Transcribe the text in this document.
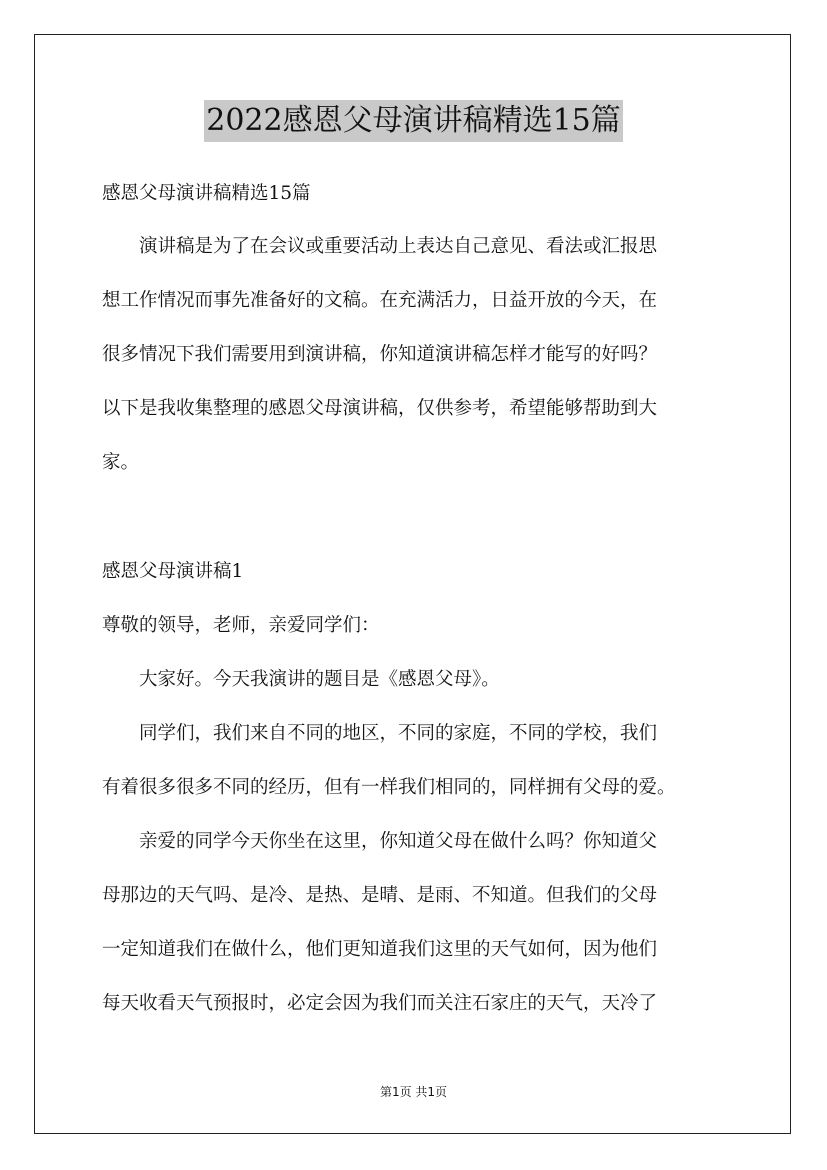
2022感恩父母演讲稿精选15篇
感恩父母演讲稿精选15篇
演讲稿是为了在会议或重要活动上表达自己意见、看法或汇报思
想工作情况而事先准备好的文稿。在充满活力，日益开放的今天，在
很多情况下我们需要用到演讲稿，你知道演讲稿怎样才能写的好吗？
以下是我收集整理的感恩父母演讲稿，仅供参考，希望能够帮助到大
家。
感恩父母演讲稿1
尊敬的领导，老师，亲爱同学们：
大家好。今天我演讲的题目是《感恩父母》。
同学们，我们来自不同的地区，不同的家庭，不同的学校，我们
有着很多很多不同的经历，但有一样我们相同的，同样拥有父母的爱。
亲爱的同学今天你坐在这里，你知道父母在做什么吗？你知道父
母那边的天气吗、是冷、是热、是晴、是雨、不知道。但我们的父母
一定知道我们在做什么，他们更知道我们这里的天气如何，因为他们
每天收看天气预报时，必定会因为我们而关注石家庄的天气，天冷了
第1页 共1页
